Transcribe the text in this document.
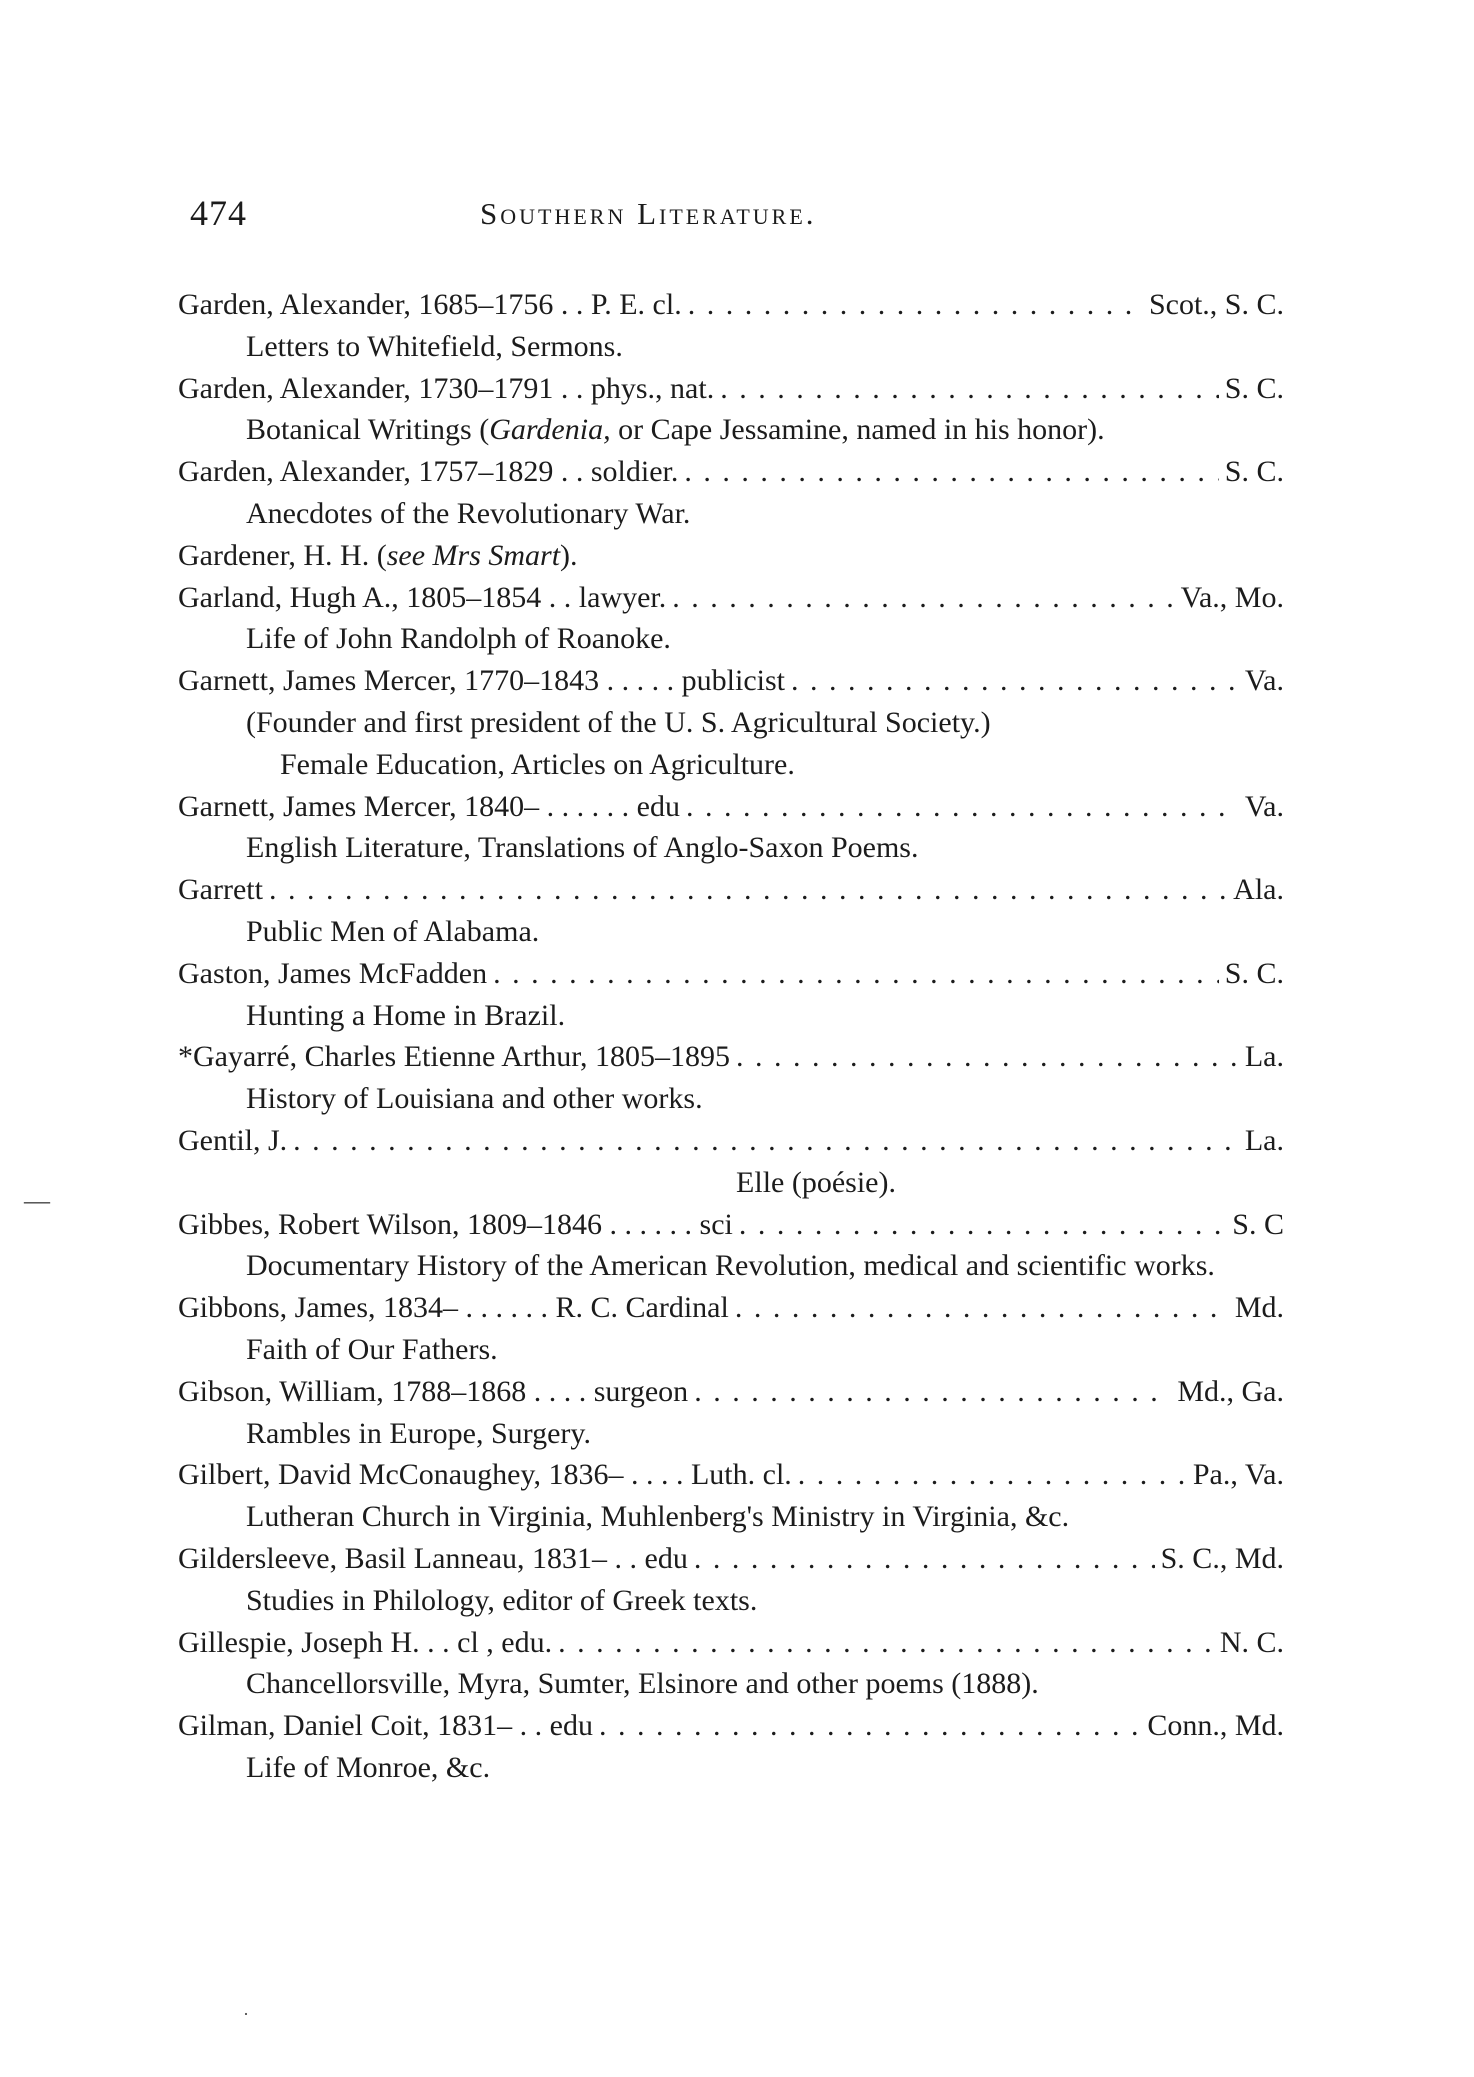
474	Southern Literature.
Garden, Alexander, 1685–1756 . . P. E. cl. . . .	Scot., S. C.
Letters to Whitefield, Sermons.
Garden, Alexander, 1730–1791 . . phys., nat. . . .	S. C.
Botanical Writings (Gardenia, or Cape Jessamine, named in his honor).
Garden, Alexander, 1757–1829 . . soldier. . . .	S. C.
Anecdotes of the Revolutionary War.
Gardener, H. H. (see Mrs Smart).
Garland, Hugh A., 1805–1854 . . lawyer. . . .	Va., Mo.
Life of John Randolph of Roanoke.
Garnett, James Mercer, 1770–1843 . . . . . publicist . . .	Va.
(Founder and first president of the U. S. Agricultural Society.)
Female Education, Articles on Agriculture.
Garnett, James Mercer, 1840– . . . . . . edu . . .	Va.
English Literature, Translations of Anglo-Saxon Poems.
Garrett . . .	Ala.
Public Men of Alabama.
Gaston, James McFadden . . .	S. C.
Hunting a Home in Brazil.
*Gayarré, Charles Etienne Arthur, 1805–1895 . . .	La.
History of Louisiana and other works.
Gentil, J. . . .	La.
Elle (poésie).
Gibbes, Robert Wilson, 1809–1846 . . . . . . sci . . .	S. C
Documentary History of the American Revolution, medical and scientific works.
Gibbons, James, 1834– . . . . . . R. C. Cardinal . . .	Md.
Faith of Our Fathers.
Gibson, William, 1788–1868 . . . . surgeon . . .	Md., Ga.
Rambles in Europe, Surgery.
Gilbert, David McConaughey, 1836– . . . . Luth. cl. . . .	Pa., Va.
Lutheran Church in Virginia, Muhlenberg's Ministry in Virginia, &c.
Gildersleeve, Basil Lanneau, 1831– . . edu . . .	S. C., Md.
Studies in Philology, editor of Greek texts.
Gillespie, Joseph H. . . cl , edu. . . .	N. C.
Chancellorsville, Myra, Sumter, Elsinore and other poems (1888).
Gilman, Daniel Coit, 1831– . . edu . . .	Conn., Md.
Life of Monroe, &c.
—
·
